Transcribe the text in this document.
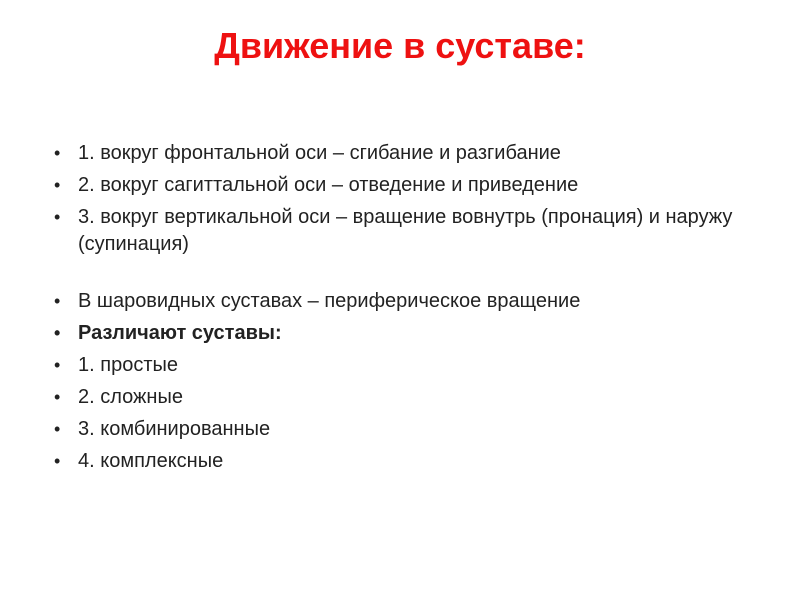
Движение в суставе:
• 1. вокруг фронтальной оси – сгибание и разгибание
• 2. вокруг сагиттальной оси – отведение и приведение
• 3. вокруг вертикальной оси – вращение вовнутрь (пронация) и наружу (супинация)
• В шаровидных суставах – периферическое вращение
• Различают суставы:
• 1. простые
• 2. сложные
• 3. комбинированные
• 4. комплексные
